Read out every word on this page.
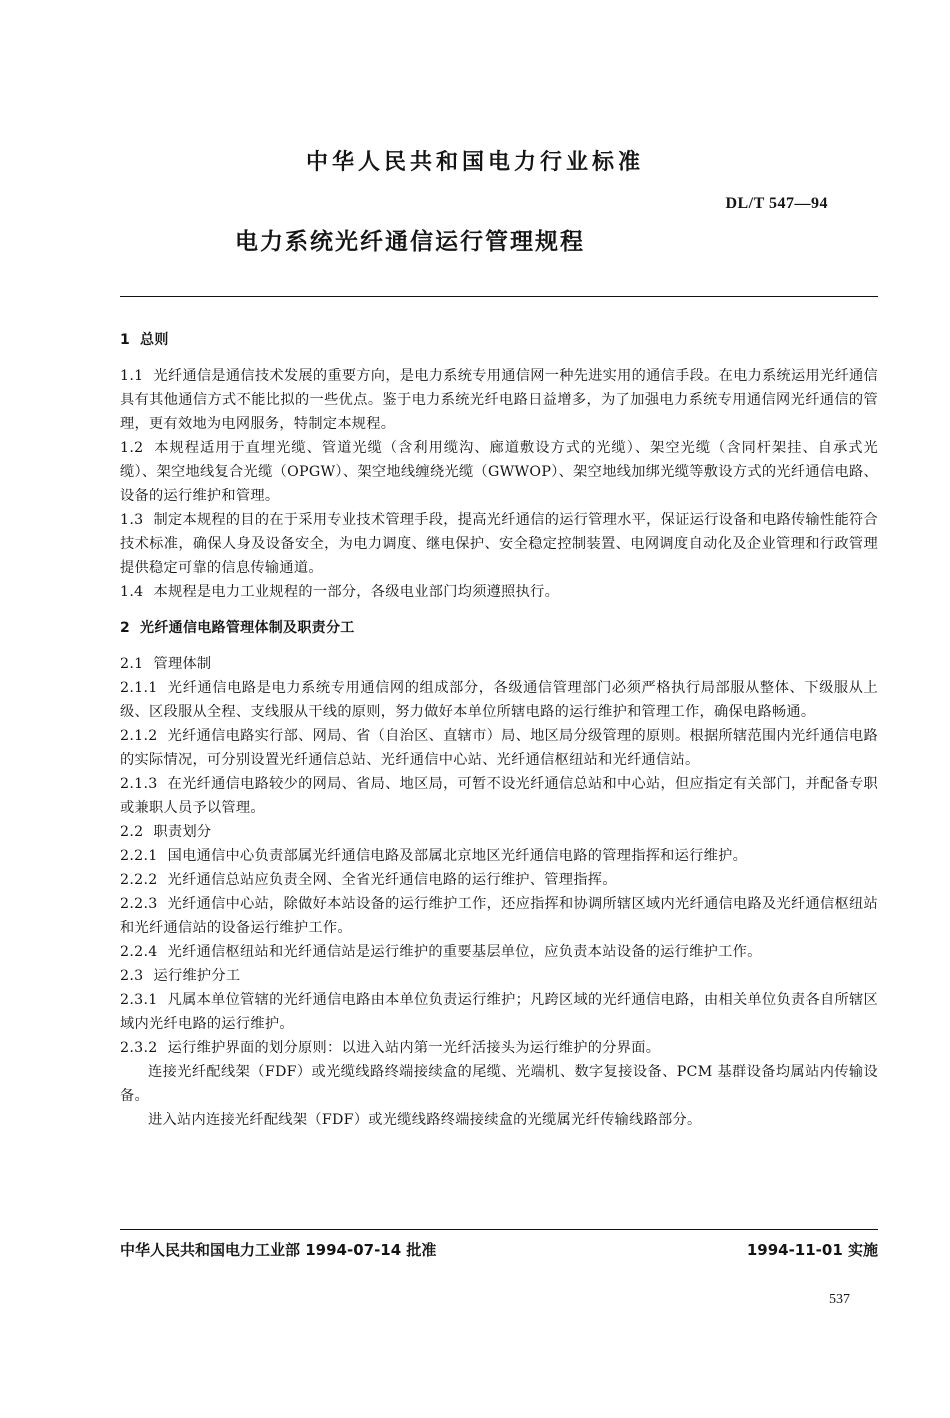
中华人民共和国电力行业标准
DL/T 547—94
电力系统光纤通信运行管理规程

1 总则

1.1 光纤通信是通信技术发展的重要方向，是电力系统专用通信网一种先进实用的通信手段。在电力系统运用光纤通信具有其他通信方式不能比拟的一些优点。鉴于电力系统光纤电路日益增多，为了加强电力系统专用通信网光纤通信的管理，更有效地为电网服务，特制定本规程。

1.2 本规程适用于直埋光缆、管道光缆（含利用缆沟、廊道敷设方式的光缆）、架空光缆（含同杆架挂、自承式光缆）、架空地线复合光缆（OPGW）、架空地线缠绕光缆（GWWOP）、架空地线加绑光缆等敷设方式的光纤通信电路、设备的运行维护和管理。

1.3 制定本规程的目的在于采用专业技术管理手段，提高光纤通信的运行管理水平，保证运行设备和电路传输性能符合技术标准，确保人身及设备安全，为电力调度、继电保护、安全稳定控制装置、电网调度自动化及企业管理和行政管理提供稳定可靠的信息传输通道。

1.4 本规程是电力工业规程的一部分，各级电业部门均须遵照执行。

2 光纤通信电路管理体制及职责分工

2.1 管理体制

2.1.1 光纤通信电路是电力系统专用通信网的组成部分，各级通信管理部门必须严格执行局部服从整体、下级服从上级、区段服从全程、支线服从干线的原则，努力做好本单位所辖电路的运行维护和管理工作，确保电路畅通。

2.1.2 光纤通信电路实行部、网局、省（自治区、直辖市）局、地区局分级管理的原则。根据所辖范围内光纤通信电路的实际情况，可分别设置光纤通信总站、光纤通信中心站、光纤通信枢纽站和光纤通信站。

2.1.3 在光纤通信电路较少的网局、省局、地区局，可暂不设光纤通信总站和中心站，但应指定有关部门，并配备专职或兼职人员予以管理。

2.2 职责划分

2.2.1 国电通信中心负责部属光纤通信电路及部属北京地区光纤通信电路的管理指挥和运行维护。

2.2.2 光纤通信总站应负责全网、全省光纤通信电路的运行维护、管理指挥。

2.2.3 光纤通信中心站，除做好本站设备的运行维护工作，还应指挥和协调所辖区域内光纤通信电路及光纤通信枢纽站和光纤通信站的设备运行维护工作。

2.2.4 光纤通信枢纽站和光纤通信站是运行维护的重要基层单位，应负责本站设备的运行维护工作。

2.3 运行维护分工

2.3.1 凡属本单位管辖的光纤通信电路由本单位负责运行维护；凡跨区域的光纤通信电路，由相关单位负责各自所辖区域内光纤电路的运行维护。

2.3.2 运行维护界面的划分原则：以进入站内第一光纤活接头为运行维护的分界面。

连接光纤配线架（FDF）或光缆线路终端接续盒的尾缆、光端机、数字复接设备、PCM 基群设备均属站内传输设备。

进入站内连接光纤配线架（FDF）或光缆线路终端接续盒的光缆属光纤传输线路部分。

中华人民共和国电力工业部 1994-07-14 批准	1994-11-01 实施
537
